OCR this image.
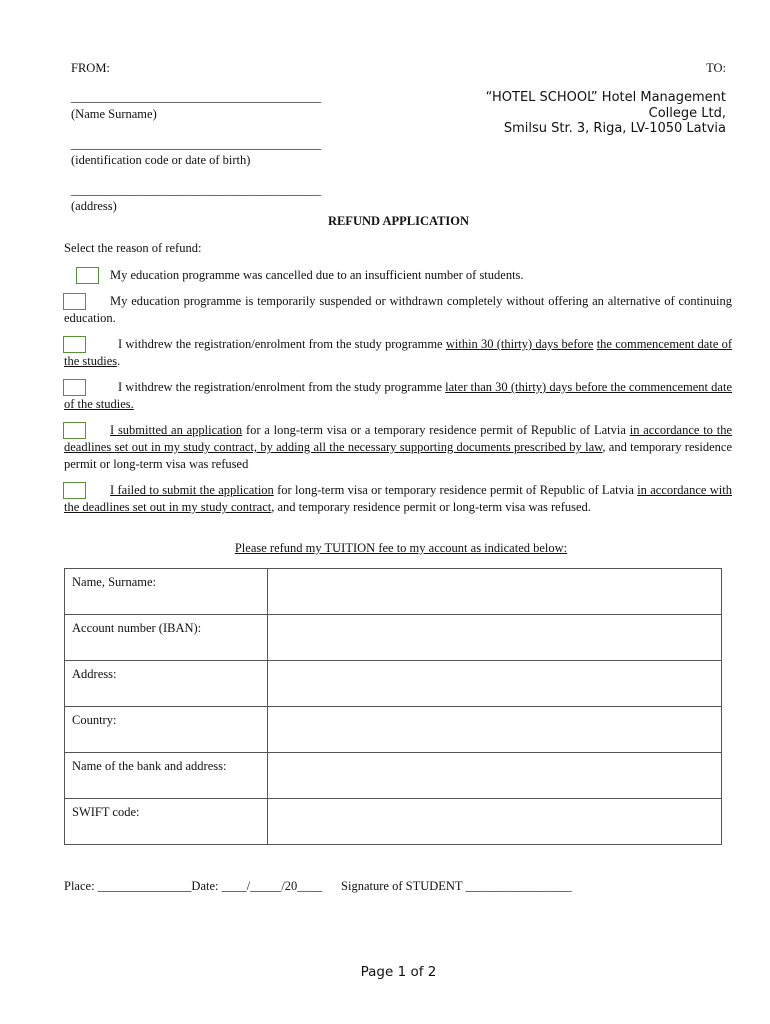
FROM:	TO:
________________________________________
(Name Surname)
________________________________________
(identification code or date of birth)
________________________________________
(address)
“HOTEL SCHOOL” Hotel Management
College Ltd,
Smilsu Str. 3, Riga, LV-1050 Latvia
REFUND APPLICATION
Select the reason of refund:
My education programme was cancelled due to an insufficient number of students.
My education programme is temporarily suspended or withdrawn completely without offering an alternative of continuing education.
I withdrew the registration/enrolment from the study programme within 30 (thirty) days before the commencement date of the studies.
I withdrew the registration/enrolment from the study programme later than 30 (thirty) days before the commencement date of the studies.
I submitted an application for a long-term visa or a temporary residence permit of Republic of Latvia in accordance to the deadlines set out in my study contract, by adding all the necessary supporting documents prescribed by law, and temporary residence permit or long-term visa was refused
I failed to submit the application for long-term visa or temporary residence permit of Republic of Latvia in accordance with the deadlines set out in my study contract, and temporary residence permit or long-term visa was refused.
Please refund my TUITION fee to my account as indicated below:
Name, Surname:	
Account number (IBAN):	
Address:	
Country:	
Name of the bank and address:	
SWIFT code:	
Place: _______________Date: ____/_____/20____      Signature of STUDENT _________________
Page 1 of 2
